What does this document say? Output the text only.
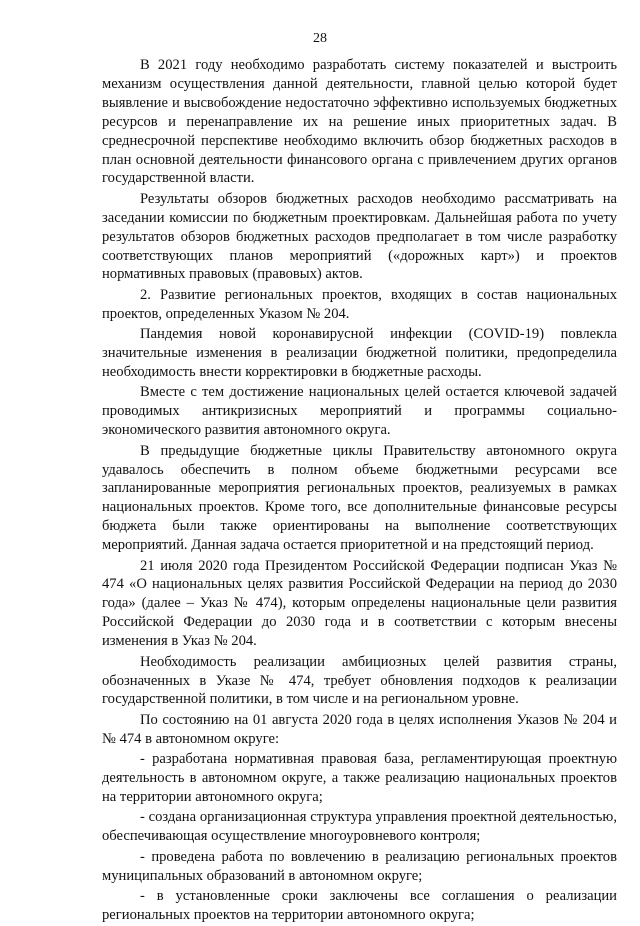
28

В 2021 году необходимо разработать систему показателей и выстроить механизм осуществления данной деятельности, главной целью которой будет выявление и высвобождение недостаточно эффективно используемых бюджетных ресурсов и перенаправление их на решение иных приоритетных задач. В среднесрочной перспективе необходимо включить обзор бюджетных расходов в план основной деятельности финансового органа с привлечением других органов государственной власти.

Результаты обзоров бюджетных расходов необходимо рассматривать на заседании комиссии по бюджетным проектировкам. Дальнейшая работа по учету результатов обзоров бюджетных расходов предполагает в том числе разработку соответствующих планов мероприятий («дорожных карт») и проектов нормативных правовых (правовых) актов.

2. Развитие региональных проектов, входящих в состав национальных проектов, определенных Указом № 204.

Пандемия новой коронавирусной инфекции (COVID-19) повлекла значительные изменения в реализации бюджетной политики, предопределила необходимость внести корректировки в бюджетные расходы.

Вместе с тем достижение национальных целей остается ключевой задачей проводимых антикризисных мероприятий и программы социально-экономического развития автономного округа.

В предыдущие бюджетные циклы Правительству автономного округа удавалось обеспечить в полном объеме бюджетными ресурсами все запланированные мероприятия региональных проектов, реализуемых в рамках национальных проектов. Кроме того, все дополнительные финансовые ресурсы бюджета были также ориентированы на выполнение соответствующих мероприятий. Данная задача остается приоритетной и на предстоящий период.

21 июля 2020 года Президентом Российской Федерации подписан Указ № 474 «О национальных целях развития Российской Федерации на период до 2030 года» (далее – Указ № 474), которым определены национальные цели развития Российской Федерации до 2030 года и в соответствии с которым внесены изменения в Указ № 204.

Необходимость реализации амбициозных целей развития страны, обозначенных в Указе № 474, требует обновления подходов к реализации государственной политики, в том числе и на региональном уровне.

По состоянию на 01 августа 2020 года в целях исполнения Указов № 204 и № 474 в автономном округе:

- разработана нормативная правовая база, регламентирующая проектную деятельность в автономном округе, а также реализацию национальных проектов на территории автономного округа;

- создана организационная структура управления проектной деятельностью, обеспечивающая осуществление многоуровневого контроля;

- проведена работа по вовлечению в реализацию региональных проектов муниципальных образований в автономном округе;

- в установленные сроки заключены все соглашения о реализации региональных проектов на территории автономного округа;
